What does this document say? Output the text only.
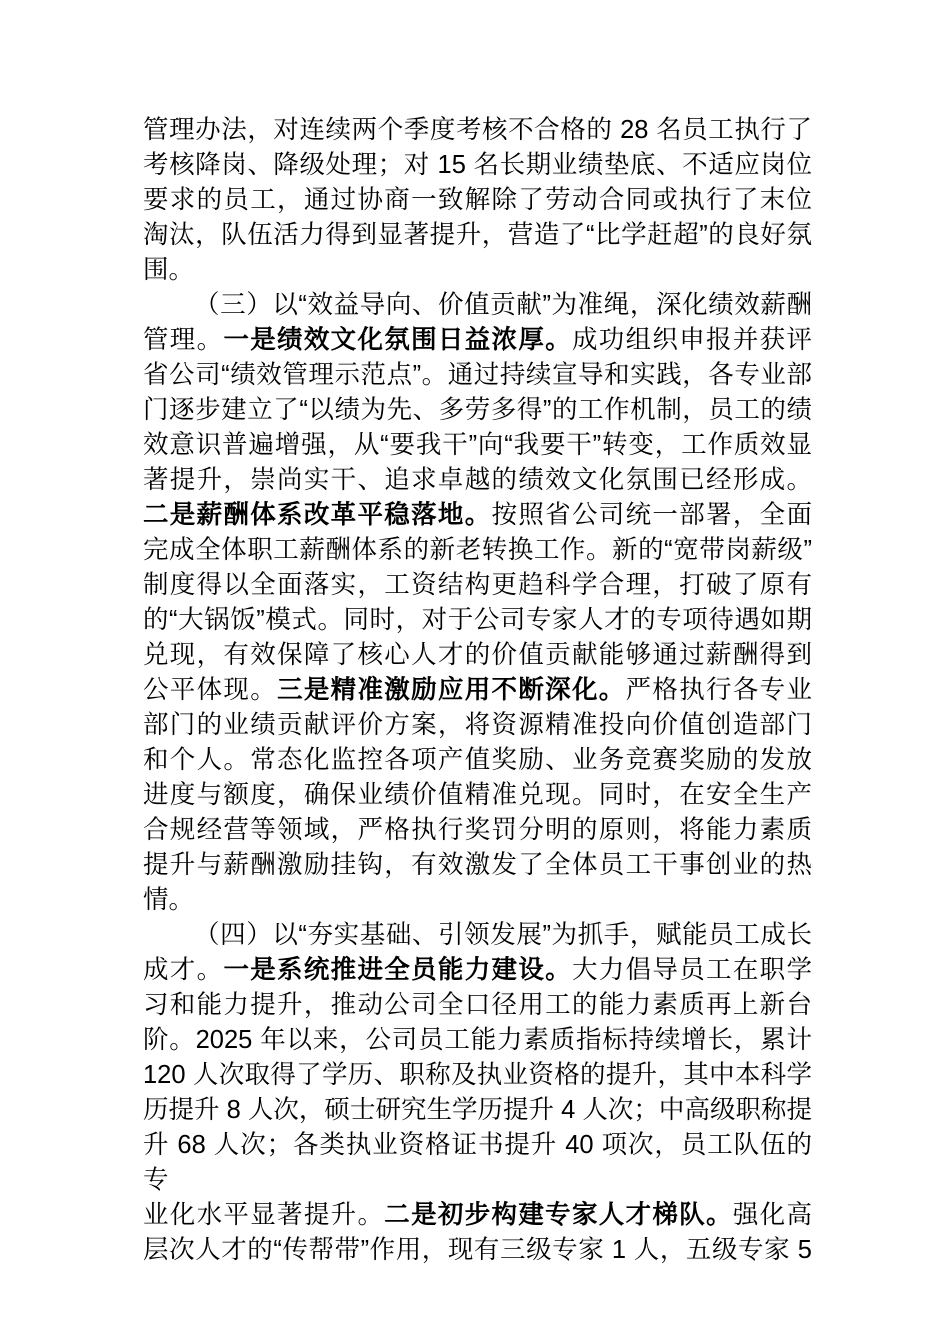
管理办法，对连续两个季度考核不合格的 28 名员工执行了
考核降岗、降级处理；对 15 名长期业绩垫底、不适应岗位
要求的员工，通过协商一致解除了劳动合同或执行了末位
淘汰，队伍活力得到显著提升，营造了“比学赶超”的良好氛
围。
（三）以“效益导向、价值贡献”为准绳，深化绩效薪酬
管理。一是绩效文化氛围日益浓厚。成功组织申报并获评
省公司“绩效管理示范点”。通过持续宣导和实践，各专业部
门逐步建立了“以绩为先、多劳多得”的工作机制，员工的绩
效意识普遍增强，从“要我干”向“我要干”转变，工作质效显
著提升，崇尚实干、追求卓越的绩效文化氛围已经形成。
二是薪酬体系改革平稳落地。按照省公司统一部署，全面
完成全体职工薪酬体系的新老转换工作。新的“宽带岗薪级”
制度得以全面落实，工资结构更趋科学合理，打破了原有
的“大锅饭”模式。同时，对于公司专家人才的专项待遇如期
兑现，有效保障了核心人才的价值贡献能够通过薪酬得到
公平体现。三是精准激励应用不断深化。严格执行各专业
部门的业绩贡献评价方案，将资源精准投向价值创造部门
和个人。常态化监控各项产值奖励、业务竞赛奖励的发放
进度与额度，确保业绩价值精准兑现。同时，在安全生产
合规经营等领域，严格执行奖罚分明的原则，将能力素质
提升与薪酬激励挂钩，有效激发了全体员工干事创业的热
情。
（四）以“夯实基础、引领发展”为抓手，赋能员工成长
成才。一是系统推进全员能力建设。大力倡导员工在职学
习和能力提升，推动公司全口径用工的能力素质再上新台
阶。2025 年以来，公司员工能力素质指标持续增长，累计
120 人次取得了学历、职称及执业资格的提升，其中本科学
历提升 8 人次，硕士研究生学历提升 4 人次；中高级职称提
升 68 人次；各类执业资格证书提升 40 项次，员工队伍的专
业化水平显著提升。二是初步构建专家人才梯队。强化高
层次人才的“传帮带”作用，现有三级专家 1 人，五级专家 5
